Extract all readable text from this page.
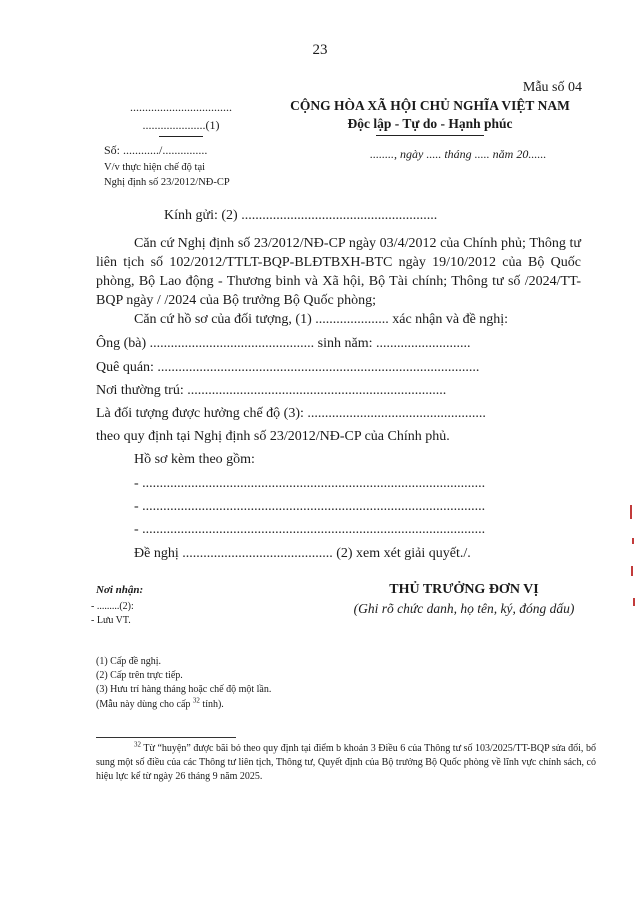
23
Mẫu số 04
..................................
.....................(1)
CỘNG HÒA XÃ HỘI CHỦ NGHĨA VIỆT NAM
Độc lập - Tự do - Hạnh phúc
Số: ............/...............
V/v thực hiện chế độ tại
Nghị định số 23/2012/NĐ-CP
........, ngày ..... tháng ..... năm 20......
Kính gửi: (2) ........................................................
Căn cứ Nghị định số 23/2012/NĐ-CP ngày 03/4/2012 của Chính phủ; Thông tư liên tịch số 102/2012/TTLT-BQP-BLĐTBXH-BTC ngày 19/10/2012 của Bộ Quốc phòng, Bộ Lao động - Thương binh và Xã hội, Bộ Tài chính; Thông tư số /2024/TT-BQP ngày / /2024 của Bộ trưởng Bộ Quốc phòng;
Căn cứ hồ sơ của đối tượng, (1) ..................... xác nhận và đề nghị:
Ông (bà) ............................................... sinh năm: ...........................
Quê quán: ............................................................................................
Nơi thường trú: ..........................................................................
Là đối tượng được hưởng chế độ (3): ...................................................
theo quy định tại Nghị định số 23/2012/NĐ-CP của Chính phủ.
Hồ sơ kèm theo gồm:
- ..................................................................................................
- ..................................................................................................
- ..................................................................................................
Đề nghị ........................................... (2) xem xét giải quyết./.
Nơi nhận:
- .........(2):
- Lưu VT.
THỦ TRƯỞNG ĐƠN VỊ
(Ghi rõ chức danh, họ tên, ký, đóng dấu)
(1) Cấp đề nghị.
(2) Cấp trên trực tiếp.
(3) Hưu trí hàng tháng hoặc chế độ một lần.
(Mẫu này dùng cho cấp $^{32}$ tỉnh).
$^{32}$ Từ “huyện” được bãi bỏ theo quy định tại điểm b khoản 3 Điều 6 của Thông tư số 103/2025/TT-BQP sửa đổi, bổ sung một số điều của các Thông tư liên tịch, Thông tư, Quyết định của Bộ trưởng Bộ Quốc phòng về lĩnh vực chính sách, có hiệu lực kể từ ngày 26 tháng 9 năm 2025.
